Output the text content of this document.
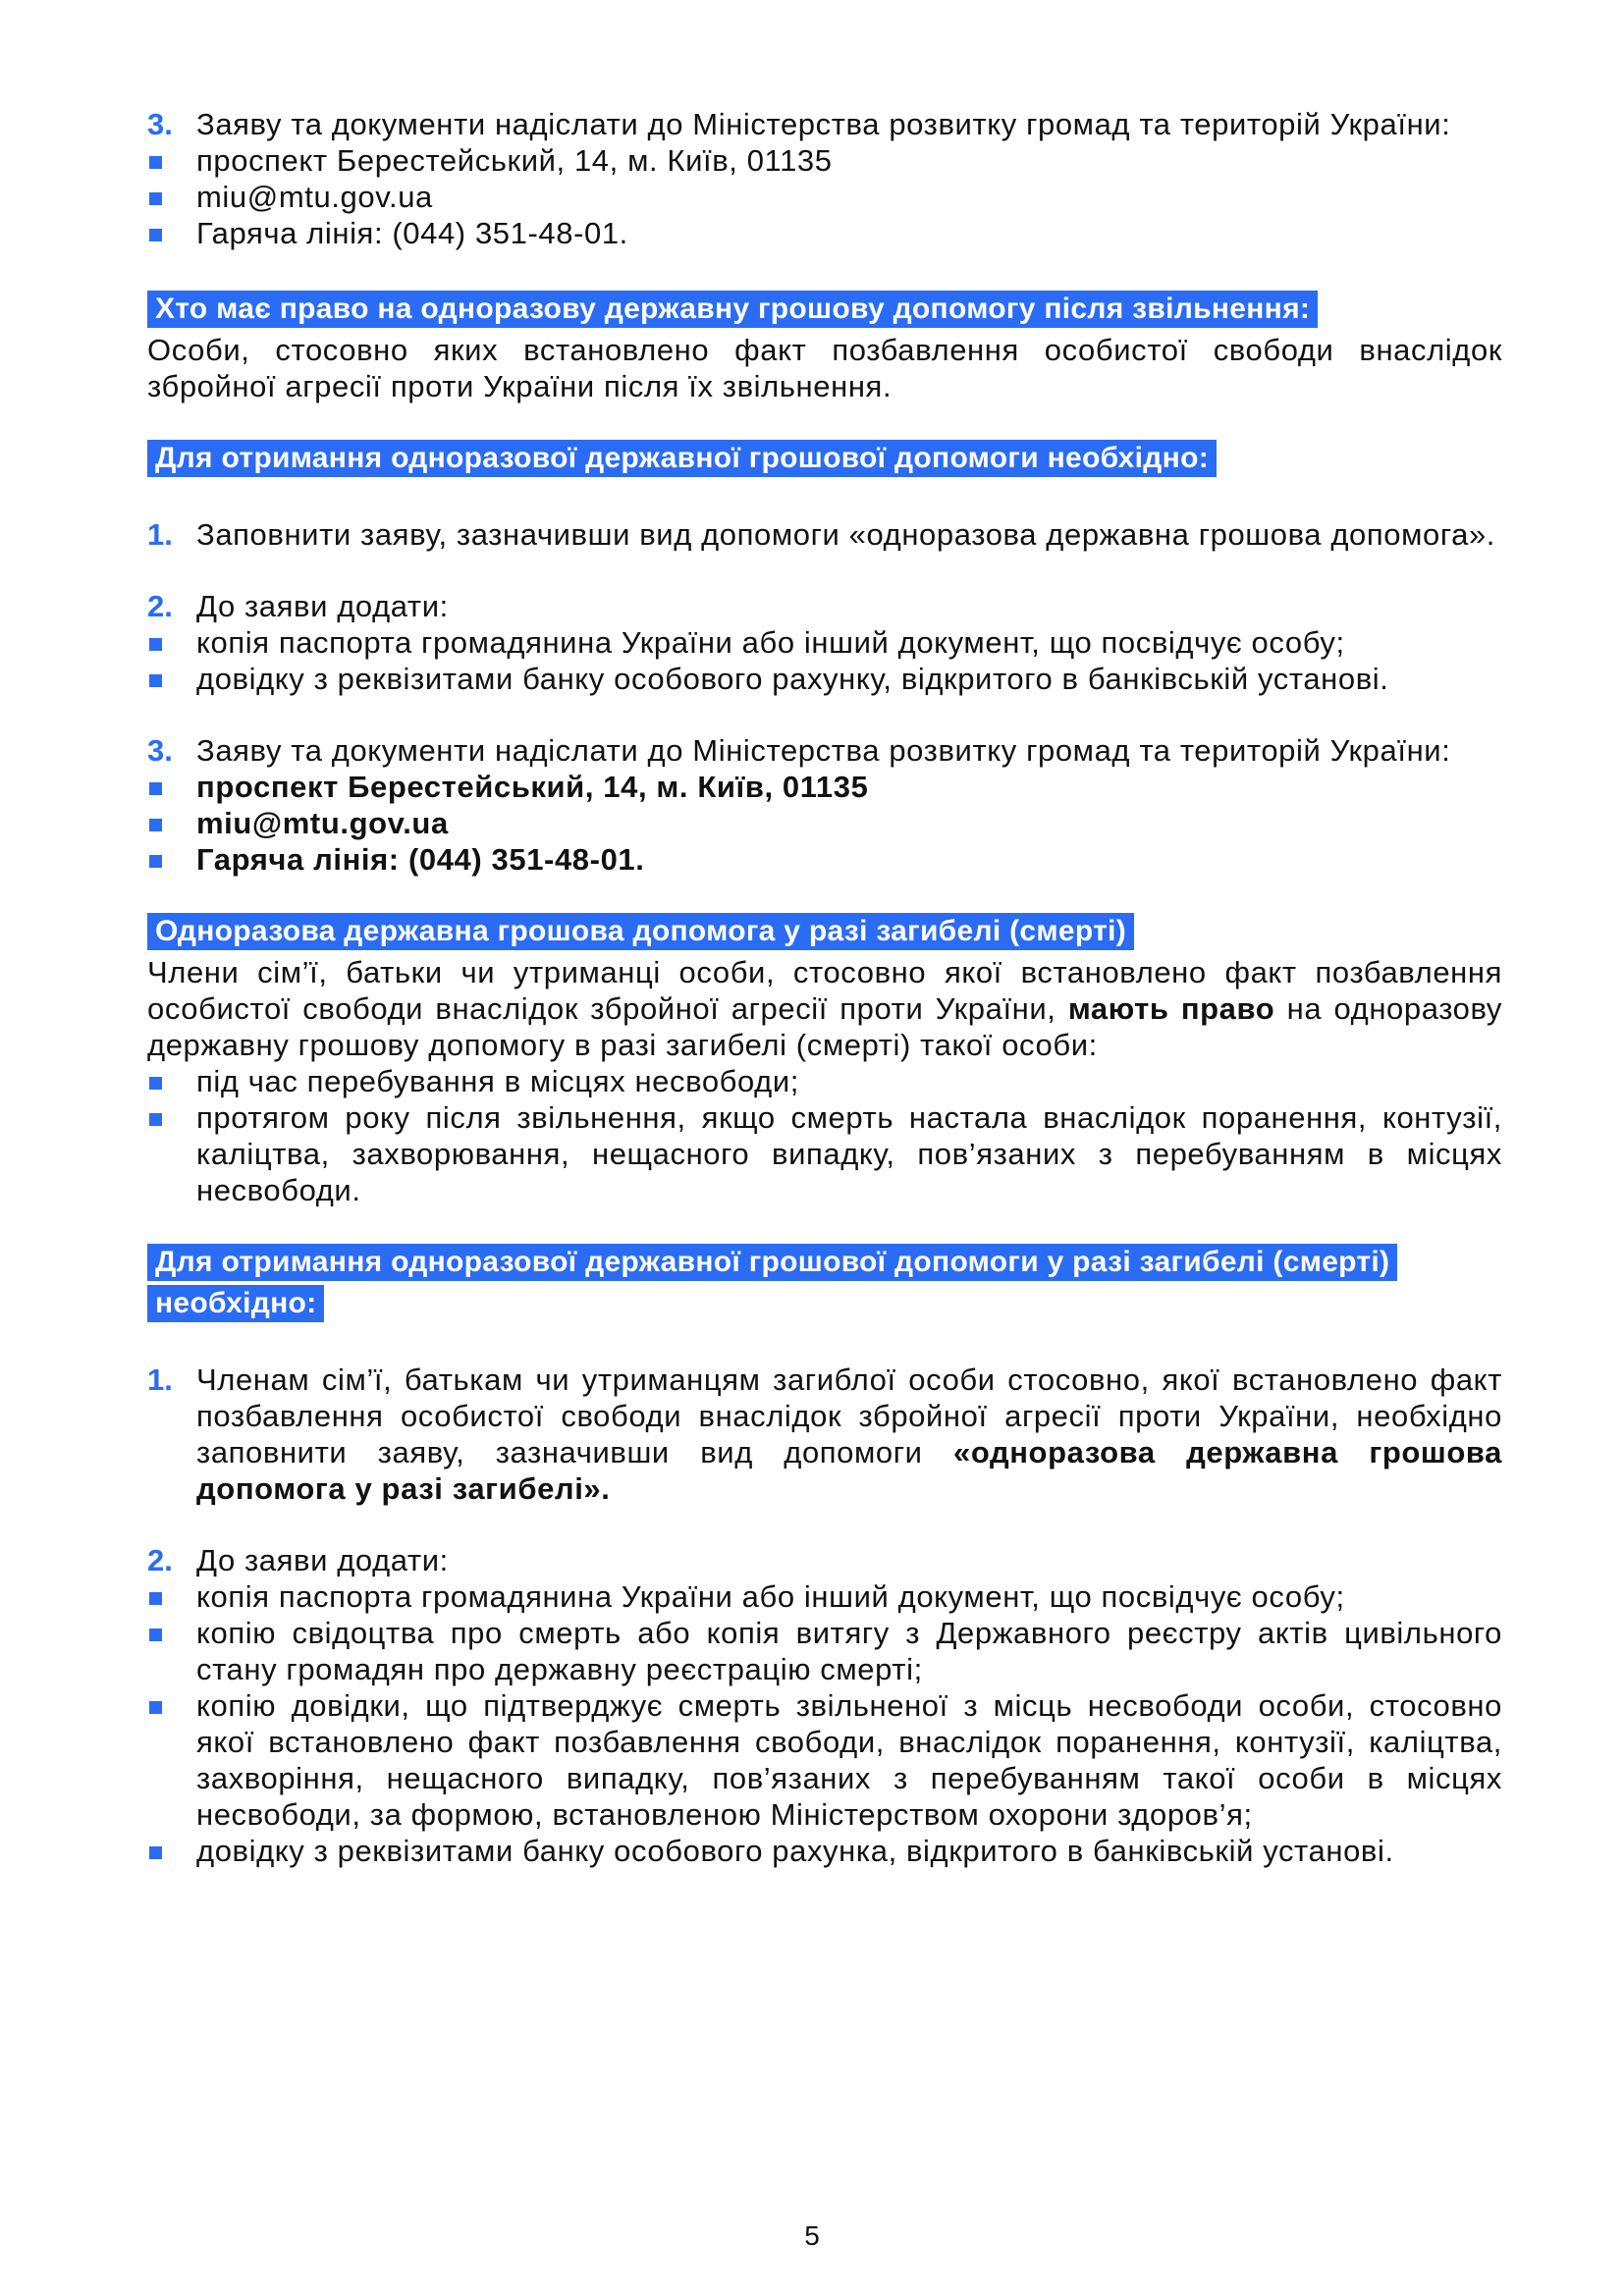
3. Заяву та документи надіслати до Міністерства розвитку громад та територій України:
проспект Берестейський, 14, м. Київ, 01135
miu@mtu.gov.ua
Гаряча лінія: (044) 351-48-01.

Хто має право на одноразову державну грошову допомогу після звільнення:

Особи, стосовно яких встановлено факт позбавлення особистої свободи внаслідок збройної агресії проти України після їх звільнення.

Для отримання одноразової державної грошової допомоги необхідно:

1. Заповнити заяву, зазначивши вид допомоги «одноразова державна грошова допомога».
2. До заяви додати:
копія паспорта громадянина України або інший документ, що посвідчує особу;
довідку з реквізитами банку особового рахунку, відкритого в банківській установі.
3. Заяву та документи надіслати до Міністерства розвитку громад та територій України:
проспект Берестейський, 14, м. Київ, 01135
miu@mtu.gov.ua
Гаряча лінія: (044) 351-48-01.

Одноразова державна грошова допомога у разі загибелі (смерті)

Члени сім’ї, батьки чи утриманці особи, стосовно якої встановлено факт позбавлення особистої свободи внаслідок збройної агресії проти України, мають право на одноразову державну грошову допомогу в разі загибелі (смерті) такої особи:

під час перебування в місцях несвободи;
протягом року після звільнення, якщо смерть настала внаслідок поранення, контузії, каліцтва, захворювання, нещасного випадку, пов’язаних з перебуванням в місцях несвободи.

Для отримання одноразової державної грошової допомоги у разі загибелі (смерті) необхідно:

1. Членам сім’ї, батькам чи утриманцям загиблої особи стосовно, якої встановлено факт позбавлення особистої свободи внаслідок збройної агресії проти України, необхідно заповнити заяву, зазначивши вид допомоги «одноразова державна грошова допомога у разі загибелі».
2. До заяви додати:
копія паспорта громадянина України або інший документ, що посвідчує особу;
копію свідоцтва про смерть або копія витягу з Державного реєстру актів цивільного стану громадян про державну реєстрацію смерті;
копію довідки, що підтверджує смерть звільненої з місць несвободи особи, стосовно якої встановлено факт позбавлення свободи, внаслідок поранення, контузії, каліцтва, захворіння, нещасного випадку, пов’язаних з перебуванням такої особи в місцях несвободи, за формою, встановленою Міністерством охорони здоров’я;
довідку з реквізитами банку особового рахунка, відкритого в банківській установі.
5
